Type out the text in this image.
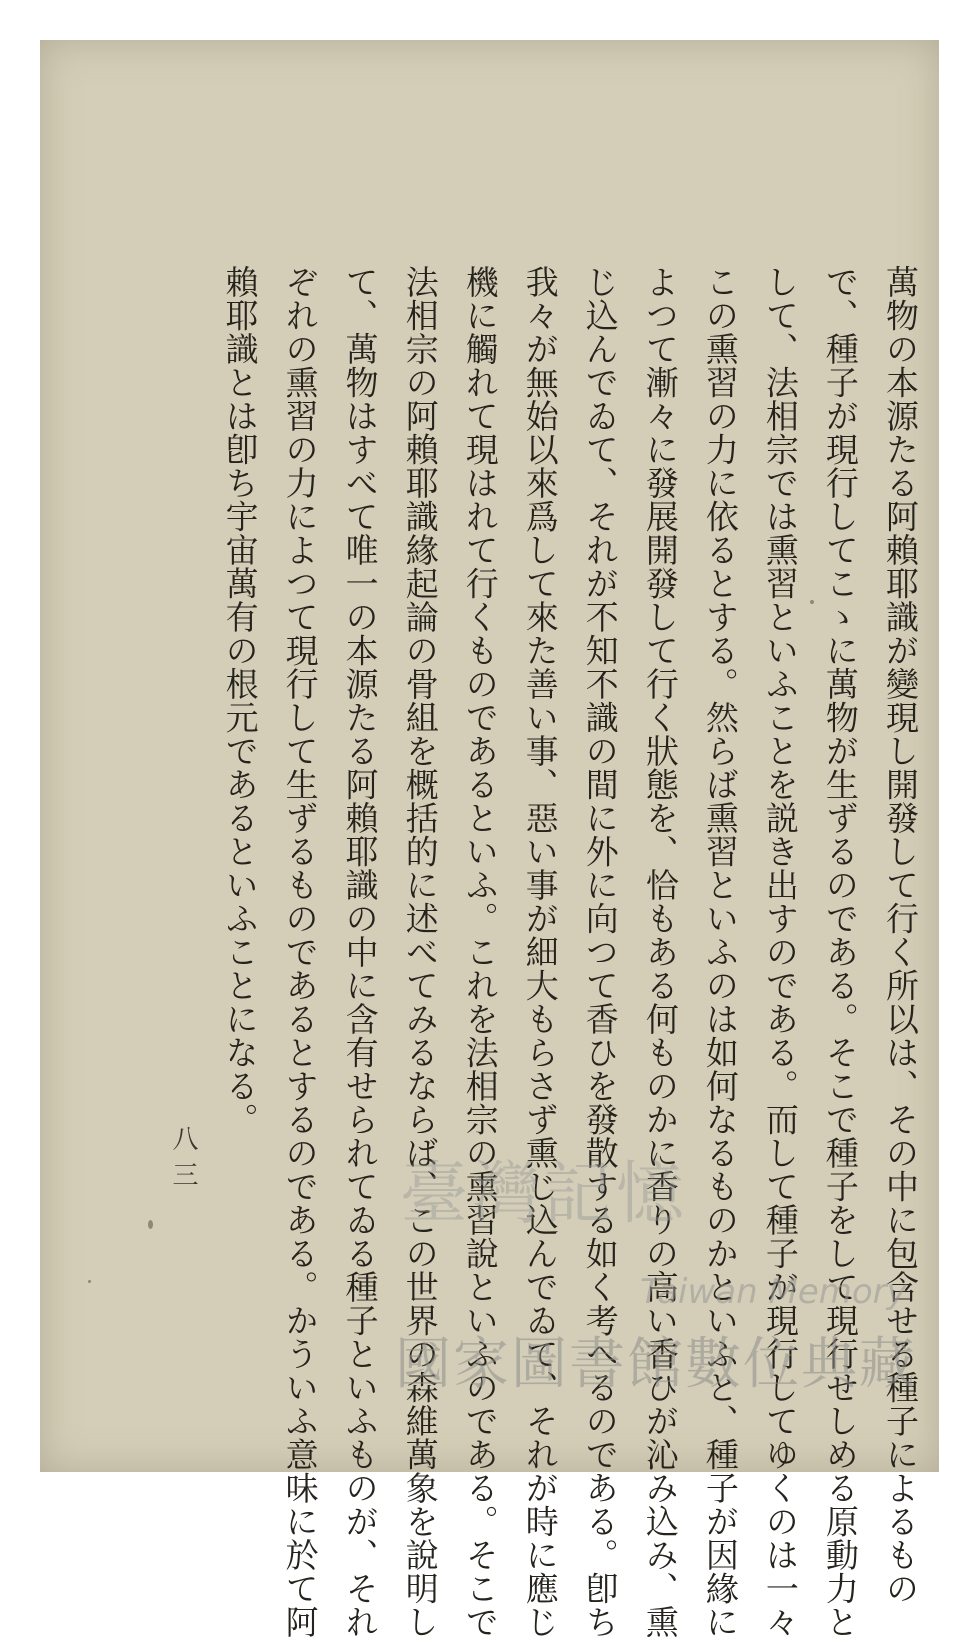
萬物の本源たる阿賴耶識が變現し開發して行く所以は、その中に包含せる種子によるもの
で、種子が現行してこゝに萬物が生ずるのである。そこで種子をして現行せしめる原動力と
して、法相宗では熏習といふことを説き出すのである。而して種子が現行してゆくのは一々
この熏習の力に依るとする。然らば熏習といふのは如何なるものかといふと、種子が因緣に
よつて漸々に發展開發して行く狀態を、恰もある何ものかに香りの高い香ひが沁み込み、熏
じ込んでゐて、それが不知不識の間に外に向つて香ひを發散する如く考へるのである。卽ち
我々が無始以來爲して來た善い事、惡い事が細大もらさず熏じ込んでゐて、それが時に應じ
機に觸れて現はれて行くものであるといふ。これを法相宗の熏習說といふのである。そこで
法相宗の阿賴耶識緣起論の骨組を概括的に述べてみるならば、この世界の森維萬象を說明し
て、萬物はすべて唯一の本源たる阿賴耶識の中に含有せられてゐる種子といふものが、それ
ぞれの熏習の力によつて現行して生ずるものであるとするのである。かういふ意味に於て阿
賴耶識とは卽ち宇宙萬有の根元であるといふことになる。
八三	臺灣記憶
Taiwan Memory
國家圖書館數位典藏
